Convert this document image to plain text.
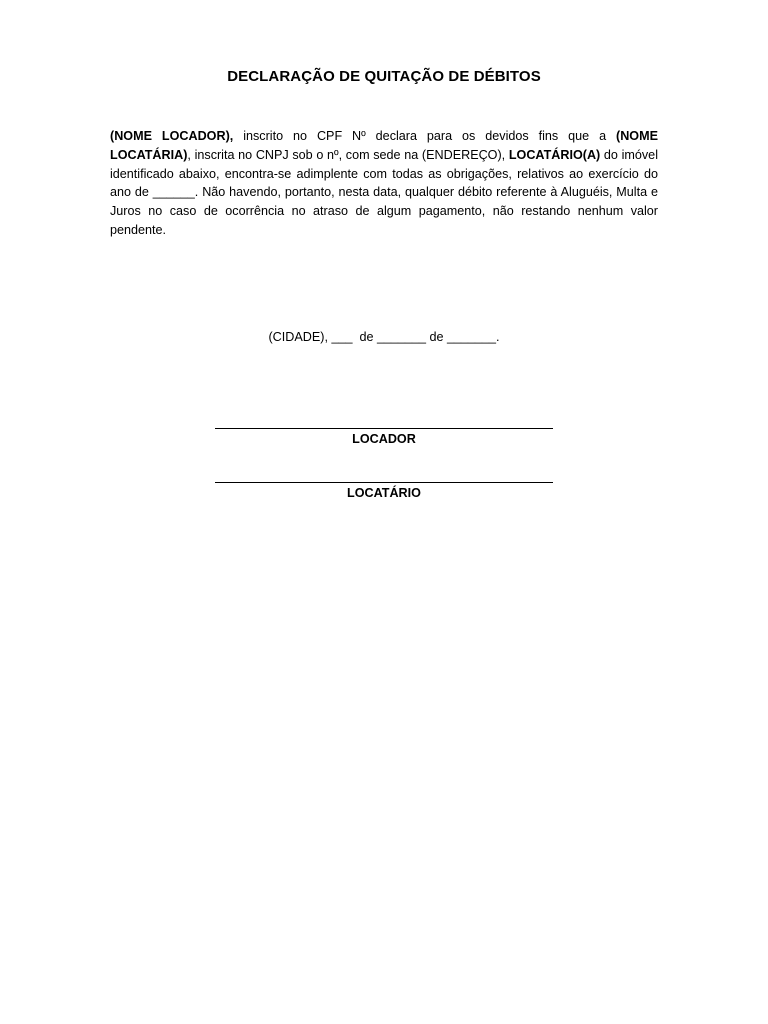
DECLARAÇÃO DE QUITAÇÃO DE DÉBITOS

(NOME LOCADOR), inscrito no CPF Nº declara para os devidos fins que a (NOME LOCATÁRIA), inscrita no CNPJ sob o nº, com sede na (ENDEREÇO), LOCATÁRIO(A) do imóvel identificado abaixo, encontra-se adimplente com todas as obrigações, relativos ao exercício do ano de ______. Não havendo, portanto, nesta data, qualquer débito referente à Aluguéis, Multa e Juros no caso de ocorrência no atraso de algum pagamento, não restando nenhum valor pendente.

(CIDADE), ___  de _______ de _______.
LOCADOR
LOCATÁRIO
